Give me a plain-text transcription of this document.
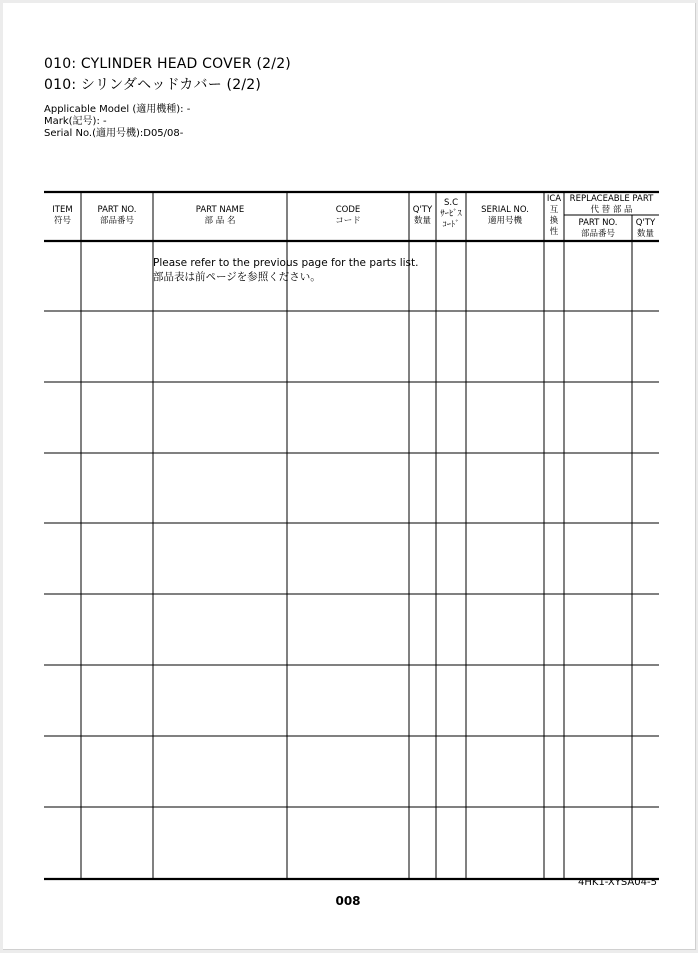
010: CYLINDER HEAD COVER (2/2)
010: シリンダヘッドカバー (2/2)
Applicable Model (適用機種): -
Mark(記号): -
Serial No.(適用号機):D05/08-
ITEM
符号
PART NO.
部品番号
PART NAME
部 品 名
CODE
コード
Q'TY
数量
S.C
ｻｰﾋﾞｽ
ｺｰﾄﾞ
SERIAL NO.
適用号機
ICA
互
換
性
REPLACEABLE PART
代 替 部 品
PART NO.
部品番号
Q'TY
数量
Please refer to the previous page for the parts list.
部品表は前ページを参照ください。
4HK1-XYSA04-5
008
